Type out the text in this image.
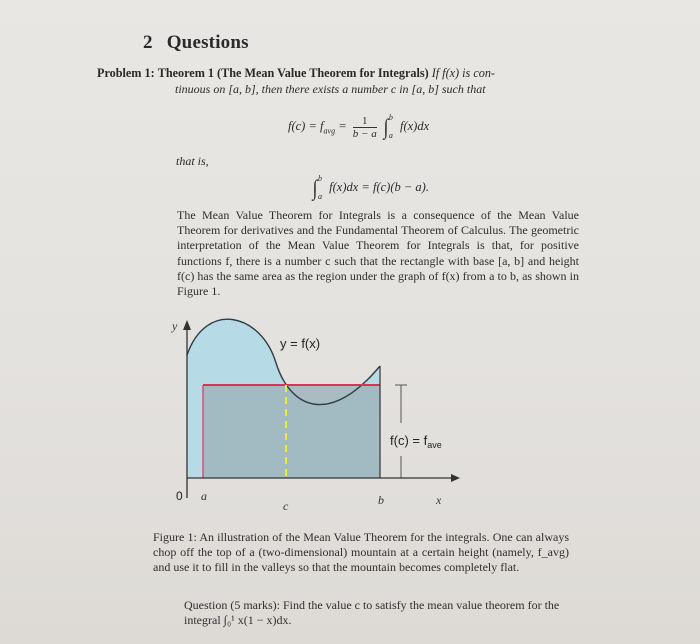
2 Questions
Problem 1: Theorem 1 (The Mean Value Theorem for Integrals) If f(x) is con-
tinuous on [a, b], then there exists a number c in [a, b] such that
$f(c) = f_{avg} = \frac{1}{b - a} \int^b_a$ f(x)dx
that is,
∫$^b_a$ f(x)dx = f(c)(b − a).
The Mean Value Theorem for Integrals is a consequence of the Mean Value Theorem for derivatives and the Fundamental Theorem of Calculus. The geometric interpretation of the Mean Value Theorem for Integrals is that, for positive functions f, there is a number c such that the rectangle with base [a, b] and height f(c) has the same area as the region under the graph of f(x) from a to b, as shown in Figure 1.
y
y = f(x)
$f(c) = f_{ave}$
0 a
c	b	x
Figure 1: An illustration of the Mean Value Theorem for the integrals. One can always chop off the top of a (two-dimensional) mountain at a certain height (namely, f_avg) and use it to fill in the valleys so that the mountain becomes completely flat.
Question (5 marks): Find the value c to satisfy the mean value theorem for the integral ∫₀¹ x(1 − x)dx.
